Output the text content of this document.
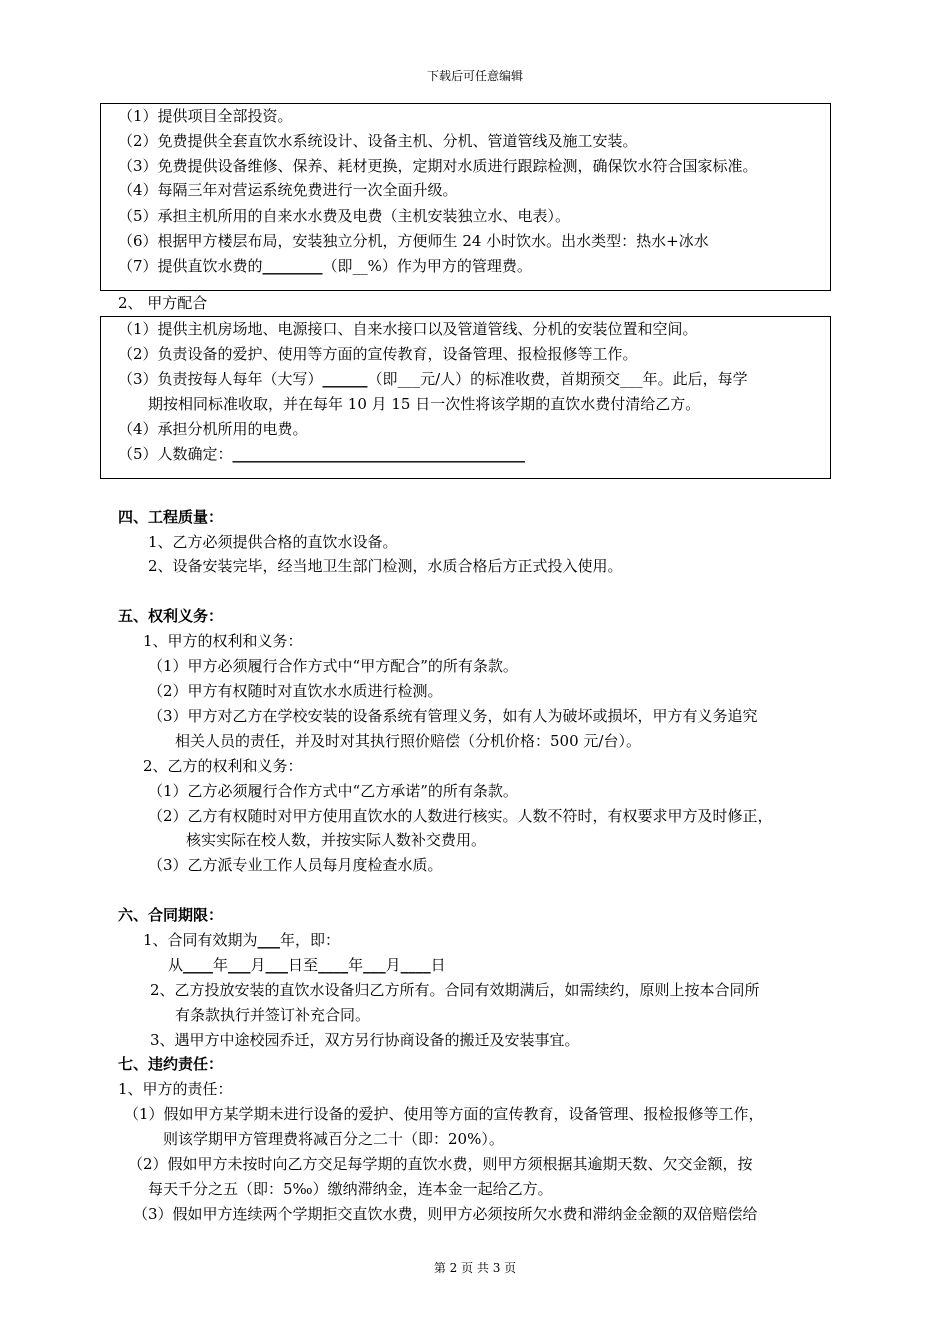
下载后可任意编辑
（1）提供项目全部投资。
（2）免费提供全套直饮水系统设计、设备主机、分机、管道管线及施工安装。
（3）免费提供设备维修、保养、耗材更换，定期对水质进行跟踪检测，确保饮水符合国家标准。
（4）每隔三年对营运系统免费进行一次全面升级。
（5）承担主机所用的自来水水费及电费（主机安装独立水、电表）。
（6）根据甲方楼层布局，安装独立分机，方便师生 24 小时饮水。出水类型：热水+冰水
（7）提供直饮水费的________（即__%）作为甲方的管理费。
2、 甲方配合
（1）提供主机房场地、电源接口、自来水接口以及管道管线、分机的安装位置和空间。
（2）负责设备的爱护、使用等方面的宣传教育，设备管理、报检报修等工作。
（3）负责按每人每年（大写）______（即___元/人）的标准收费，首期预交___年。此后，每学
期按相同标准收取，并在每年 10 月 15 日一次性将该学期的直饮水费付清给乙方。
（4）承担分机所用的电费。
（5）人数确定：_______________________________________
四、工程质量：
1、乙方必须提供合格的直饮水设备。
2、设备安装完毕，经当地卫生部门检测，水质合格后方正式投入使用。
五、权利义务：
1、甲方的权利和义务：
（1）甲方必须履行合作方式中“甲方配合”的所有条款。
（2）甲方有权随时对直饮水水质进行检测。
（3）甲方对乙方在学校安装的设备系统有管理义务，如有人为破坏或损坏，甲方有义务追究
相关人员的责任，并及时对其执行照价赔偿（分机价格：500 元/台）。
2、乙方的权利和义务：
（1）乙方必须履行合作方式中“乙方承诺”的所有条款。
（2）乙方有权随时对甲方使用直饮水的人数进行核实。人数不符时，有权要求甲方及时修正，
核实实际在校人数，并按实际人数补交费用。
（3）乙方派专业工作人员每月度检查水质。
六、合同期限：
1、合同有效期为___年，即：
从____年___月___日至____年___月____日
2、乙方投放安装的直饮水设备归乙方所有。合同有效期满后，如需续约，原则上按本合同所
有条款执行并签订补充合同。
3、遇甲方中途校园乔迁，双方另行协商设备的搬迁及安装事宜。
七、违约责任：
1、甲方的责任：
（1）假如甲方某学期未进行设备的爱护、使用等方面的宣传教育，设备管理、报检报修等工作，
则该学期甲方管理费将减百分之二十（即：20%）。
（2）假如甲方未按时向乙方交足每学期的直饮水费，则甲方须根据其逾期天数、欠交金额，按
每天千分之五（即：5‰）缴纳滞纳金，连本金一起给乙方。
（3）假如甲方连续两个学期拒交直饮水费，则甲方必须按所欠水费和滞纳金金额的双倍赔偿给
第 2 页 共 3 页
